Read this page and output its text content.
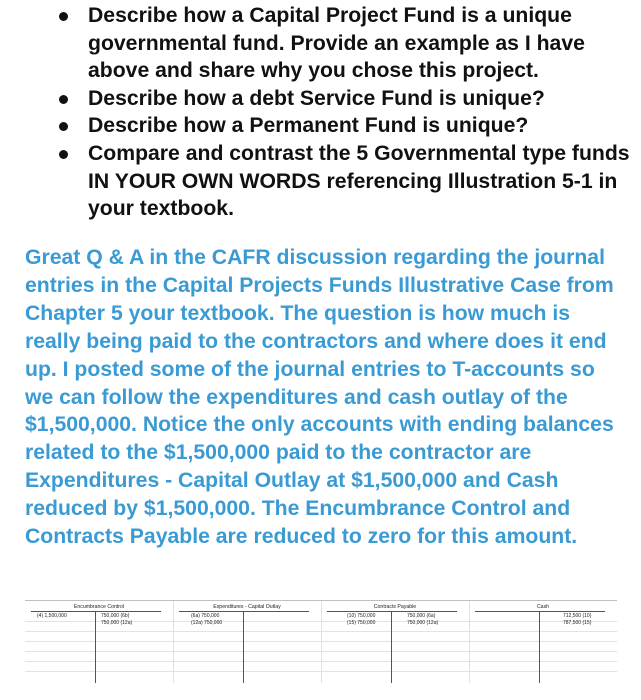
Describe how a Capital Project Fund is a unique governmental fund. Provide an example as I have above and share why you chose this project.
Describe how a debt Service Fund is unique?
Describe how a Permanent Fund is unique?
Compare and contrast the 5 Governmental type funds IN YOUR OWN WORDS referencing Illustration 5-1 in your textbook.

Great Q & A in the CAFR discussion regarding the journal entries in the Capital Projects Funds Illustrative Case from Chapter 5 your textbook. The question is how much is really being paid to the contractors and where does it end up. I posted some of the journal entries to T-accounts so we can follow the expenditures and cash outlay of the $1,500,000. Notice the only accounts with ending balances related to the $1,500,000 paid to the contractor are Expenditures - Capital Outlay at $1,500,000 and Cash reduced by $1,500,000. The Encumbrance Control and Contracts Payable are reduced to zero for this amount.

Encumbrance Control
(4) 1,500,000	750,000 (6b)
750,000 (12a)
Expenditures - Capital Outlay
(6a) 750,000
(12a) 750,000
Contracts Payable
(10) 750,000
(15) 750,000
750,000 (6a)
750,000 (12a)
Cash
712,500 (10)
787,500 (15)
